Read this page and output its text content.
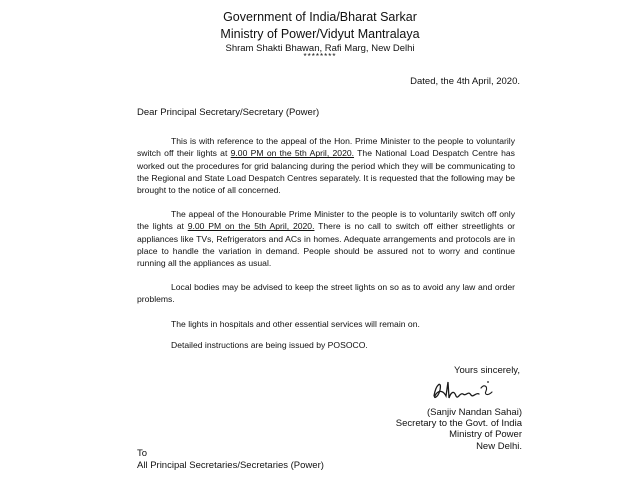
Government of India/Bharat Sarkar
Ministry of Power/Vidyut Mantralaya
Shram Shakti Bhawan, Rafi Marg, New Delhi
********
Dated, the 4th April, 2020.
Dear Principal Secretary/Secretary (Power)
This is with reference to the appeal of the Hon. Prime Minister to the people to voluntarily switch off their lights at 9.00 PM on the 5th April, 2020. The National Load Despatch Centre has worked out the procedures for grid balancing during the period which they will be communicating to the Regional and State Load Despatch Centres separately. It is requested that the following may be brought to the notice of all concerned.
The appeal of the Honourable Prime Minister to the people is to voluntarily switch off only the lights at 9.00 PM on the 5th April, 2020. There is no call to switch off either streetlights or appliances like TVs, Refrigerators and ACs in homes. Adequate arrangements and protocols are in place to handle the variation in demand. People should be assured not to worry and continue running all the appliances as usual.
Local bodies may be advised to keep the street lights on so as to avoid any law and order problems.
The lights in hospitals and other essential services will remain on.
Detailed instructions are being issued by POSOCO.
Yours sincerely,
(Sanjiv Nandan Sahai)
Secretary to the Govt. of India
Ministry of Power
New Delhi.
To
All Principal Secretaries/Secretaries (Power)
